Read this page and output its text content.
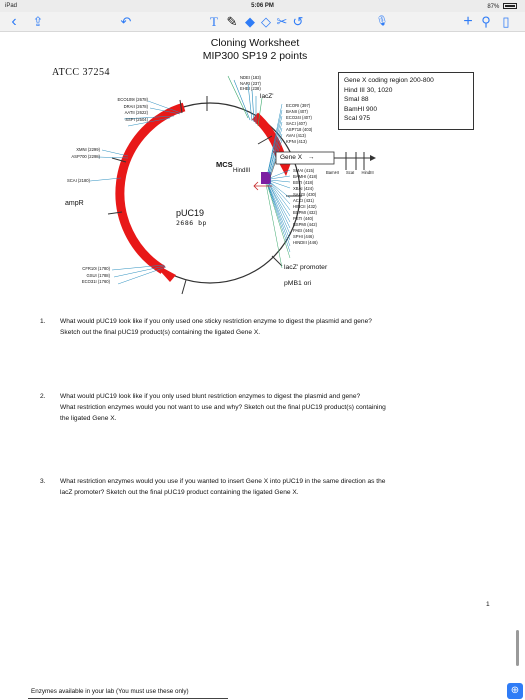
iPad	5:06 PM	87%
‹	⇪	↶	T ✎ ◆ ◇ ✂ ↺	🎙	+ ⚲ ▯
Cloning Worksheet
MIP300 SP19 2 points
ATCC 37254
Gene X coding region 200-800
Hind III 30, 1020
SmaI 88
BamHI 900
ScaI 975
NDEI (183)
NARI (237)
EHEI (238)
lacZ'
ECORI (397)
BANII (407)
ECO24I (407)
SACI (407)
ASP718 (403)
AVAI (413)
KPNI (413)
SMAI (415)
BAMHI (418)
BSTI (418)
XBAI (424)
SALGI (430)
ACCI (431)
HINCII (432)
BSPMI (432)
PSTI (440)
BSPMI (442)
PAEI (446)
SPHI (446)
HINDIII (446)
ECO109I (2678)
DRAII (2678)
AATII (2622)
SSPI (2504)
XMNI (2299)
ASP700 (2298)
SCAI (2180)
CFR10I (1780)
GSUI (1788)
ECO31I (1760)
ampR
pUC19
2686 bp
MCS
HindIII
Gene X →
BamHI ScaI HindIII
lacZ' promoter
pMB1 ori
1. What would pUC19 look like if you only used one sticky restriction enzyme to digest the plasmid and gene?
Sketch out the final pUC19 product(s) containing the ligated Gene X.
2. What would pUC19 look like if you only used blunt restriction enzymes to digest the plasmid and gene?
What restriction enzymes would you not want to use and why? Sketch out the final pUC19 product(s) containing
the ligated Gene X.
3. What restriction enzymes would you use if you wanted to insert Gene X into pUC19 in the same direction as the
lacZ promoter? Sketch out the final pUC19 product containing the ligated Gene X.
1
Enzymes available in your lab (You must use these only)	⊕
